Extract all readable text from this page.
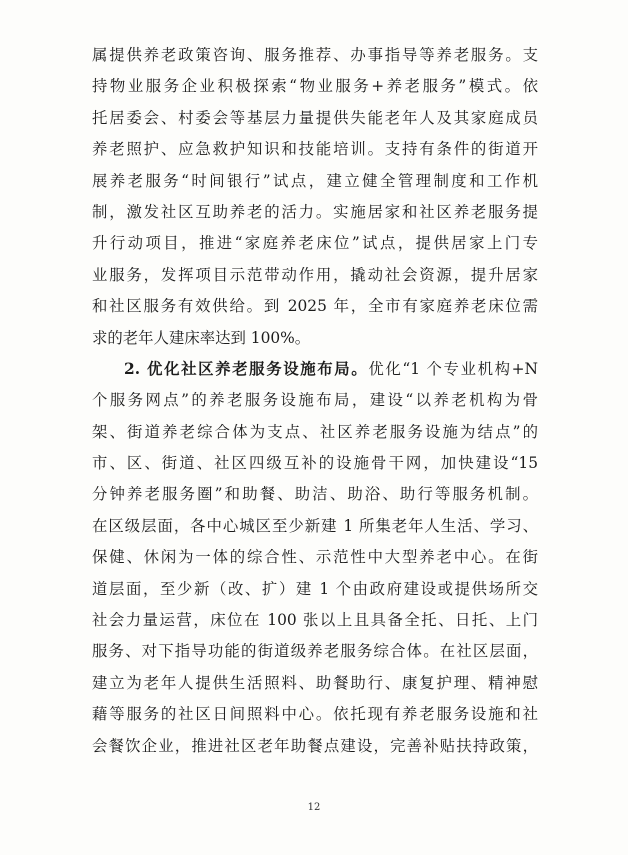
属提供养老政策咨询、服务推荐、办事指导等养老服务。支
持物业服务企业积极探索“物业服务+养老服务”模式。依
托居委会、村委会等基层力量提供失能老年人及其家庭成员
养老照护、应急救护知识和技能培训。支持有条件的街道开
展养老服务“时间银行”试点，建立健全管理制度和工作机
制，激发社区互助养老的活力。实施居家和社区养老服务提
升行动项目，推进“家庭养老床位”试点，提供居家上门专
业服务，发挥项目示范带动作用，撬动社会资源，提升居家
和社区服务有效供给。到 2025 年，全市有家庭养老床位需
求的老年人建床率达到 100%。
2. 优化社区养老服务设施布局。优化“1 个专业机构+N
个服务网点”的养老服务设施布局，建设“以养老机构为骨
架、街道养老综合体为支点、社区养老服务设施为结点”的
市、区、街道、社区四级互补的设施骨干网，加快建设“15
分钟养老服务圈”和助餐、助洁、助浴、助行等服务机制。
在区级层面，各中心城区至少新建 1 所集老年人生活、学习、
保健、休闲为一体的综合性、示范性中大型养老中心。在街
道层面，至少新（改、扩）建 1 个由政府建设或提供场所交
社会力量运营，床位在 100 张以上且具备全托、日托、上门
服务、对下指导功能的街道级养老服务综合体。在社区层面，
建立为老年人提供生活照料、助餐助行、康复护理、精神慰
藉等服务的社区日间照料中心。依托现有养老服务设施和社
会餐饮企业，推进社区老年助餐点建设，完善补贴扶持政策，
12
